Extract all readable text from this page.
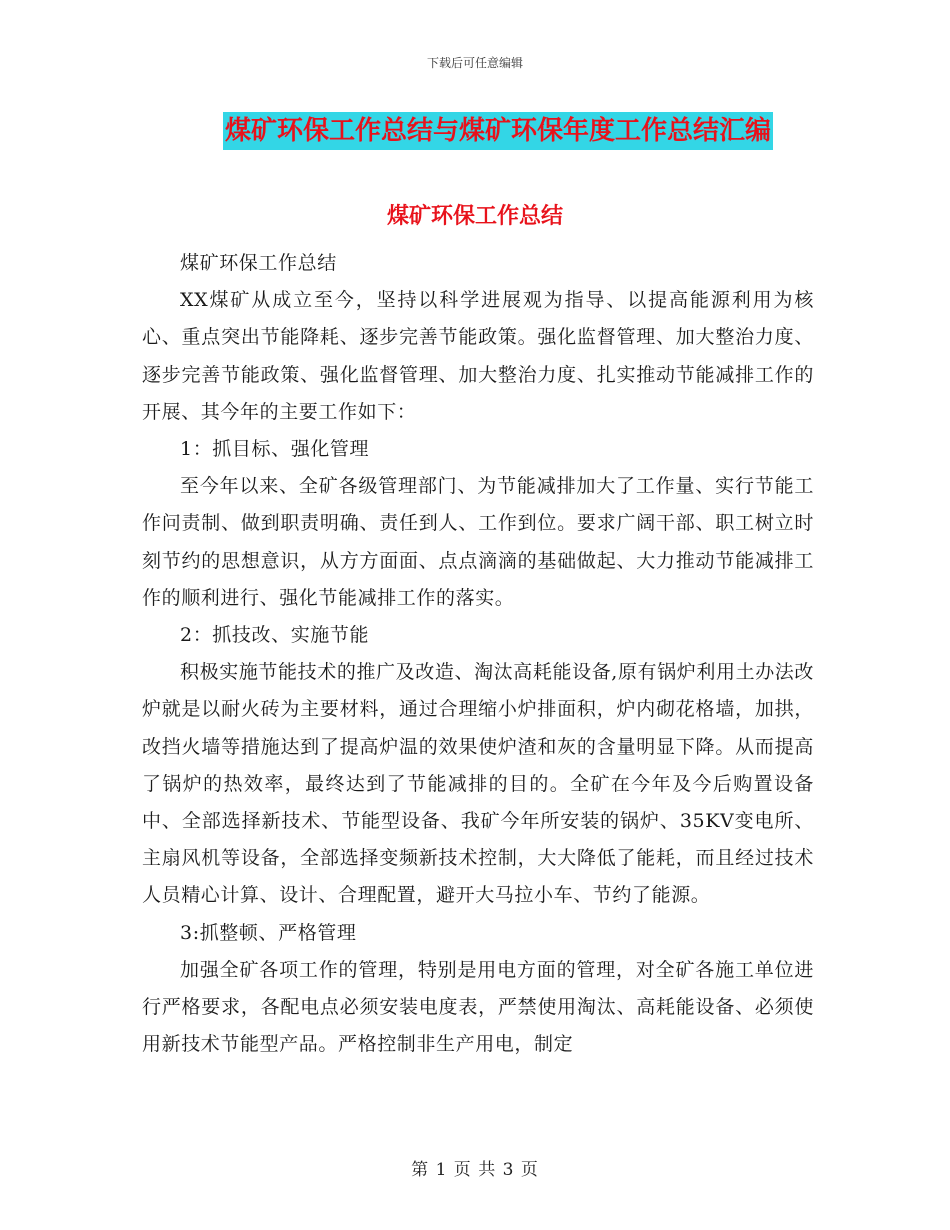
下载后可任意编辑
煤矿环保工作总结与煤矿环保年度工作总结汇编
煤矿环保工作总结

煤矿环保工作总结

XX煤矿从成立至今，坚持以科学进展观为指导、以提高能源利用为核心、重点突出节能降耗、逐步完善节能政策。强化监督管理、加大整治力度、逐步完善节能政策、强化监督管理、加大整治力度、扎实推动节能减排工作的开展、其今年的主要工作如下：

1：抓目标、强化管理

至今年以来、全矿各级管理部门、为节能减排加大了工作量、实行节能工作问责制、做到职责明确、责任到人、工作到位。要求广阔干部、职工树立时刻节约的思想意识，从方方面面、点点滴滴的基础做起、大力推动节能减排工作的顺利进行、强化节能减排工作的落实。

2：抓技改、实施节能

积极实施节能技术的推广及改造、淘汰高耗能设备,原有锅炉利用土办法改炉就是以耐火砖为主要材料，通过合理缩小炉排面积，炉内砌花格墙，加拱，改挡火墙等措施达到了提高炉温的效果使炉渣和灰的含量明显下降。从而提高了锅炉的热效率，最终达到了节能减排的目的。全矿在今年及今后购置设备中、全部选择新技术、节能型设备、我矿今年所安装的锅炉、35KV变电所、主扇风机等设备，全部选择变频新技术控制，大大降低了能耗，而且经过技术人员精心计算、设计、合理配置，避开大马拉小车、节约了能源。

3:抓整顿、严格管理

加强全矿各项工作的管理，特别是用电方面的管理，对全矿各施工单位进行严格要求，各配电点必须安装电度表，严禁使用淘汰、高耗能设备、必须使用新技术节能型产品。严格控制非生产用电，制定

第 1 页 共 3 页
